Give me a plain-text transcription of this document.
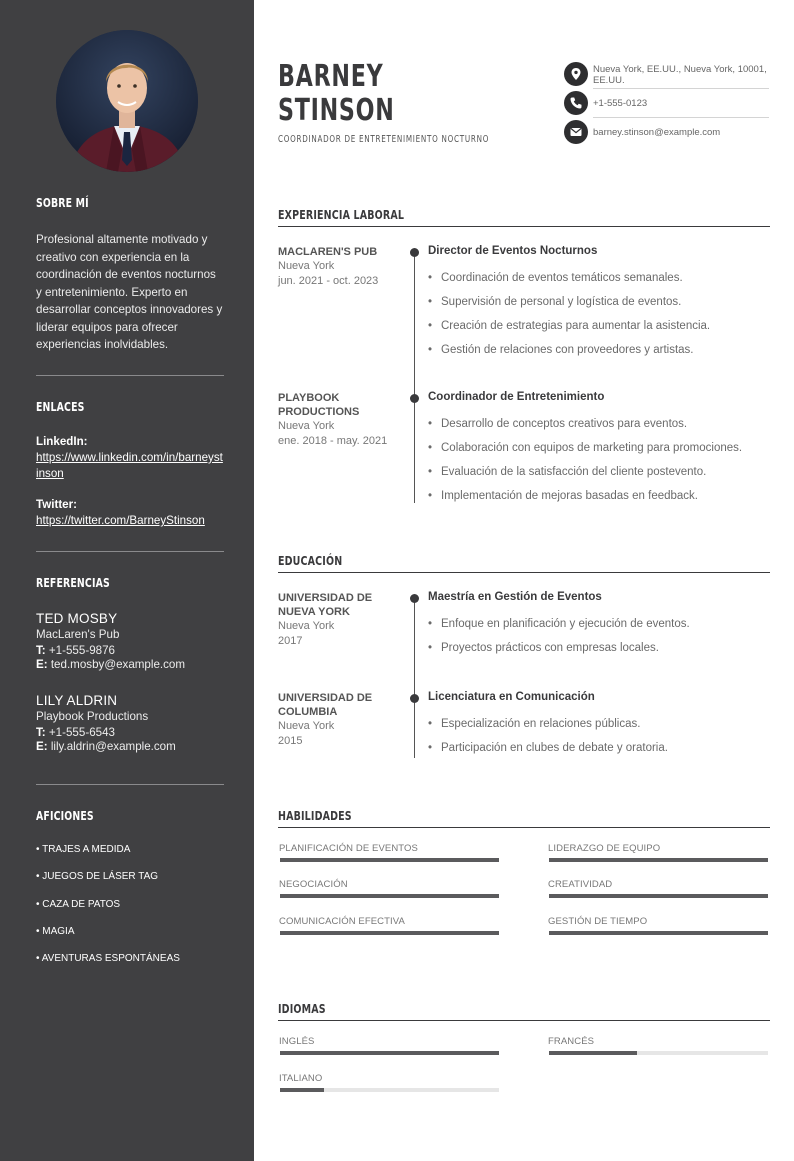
SOBRE MÍ
Profesional altamente motivado y creativo con experiencia en la coordinación de eventos nocturnos y entretenimiento. Experto en desarrollar conceptos innovadores y liderar equipos para ofrecer experiencias inolvidables.
ENLACES
LinkedIn:
https://www.linkedin.com/in/barneystinson
Twitter:
https://twitter.com/BarneyStinson
REFERENCIAS
TED MOSBY
MacLaren's Pub
T: +1-555-9876
E: ted.mosby@example.com
LILY ALDRIN
Playbook Productions
T: +1-555-6543
E: lily.aldrin@example.com
AFICIONES
• TRAJES A MEDIDA
• JUEGOS DE LÁSER TAG
• CAZA DE PATOS
• MAGIA
• AVENTURAS ESPONTÁNEAS
BARNEY
STINSON
COORDINADOR DE ENTRETENIMIENTO NOCTURNO
Nueva York, EE.UU., Nueva York, 10001, EE.UU.
+1-555-0123
barney.stinson@example.com
EXPERIENCIA LABORAL
MACLAREN'S PUB
Nueva York
jun. 2021 - oct. 2023
Director de Eventos Nocturnos
• Coordinación de eventos temáticos semanales.
• Supervisión de personal y logística de eventos.
• Creación de estrategias para aumentar la asistencia.
• Gestión de relaciones con proveedores y artistas.
PLAYBOOK PRODUCTIONS
Nueva York
ene. 2018 - may. 2021
Coordinador de Entretenimiento
• Desarrollo de conceptos creativos para eventos.
• Colaboración con equipos de marketing para promociones.
• Evaluación de la satisfacción del cliente postevento.
• Implementación de mejoras basadas en feedback.
EDUCACIÓN
UNIVERSIDAD DE NUEVA YORK
Nueva York
2017
Maestría en Gestión de Eventos
• Enfoque en planificación y ejecución de eventos.
• Proyectos prácticos con empresas locales.
UNIVERSIDAD DE COLUMBIA
Nueva York
2015
Licenciatura en Comunicación
• Especialización en relaciones públicas.
• Participación en clubes de debate y oratoria.
HABILIDADES
PLANIFICACIÓN DE EVENTOS	LIDERAZGO DE EQUIPO
NEGOCIACIÓN	CREATIVIDAD
COMUNICACIÓN EFECTIVA	GESTIÓN DE TIEMPO
IDIOMAS
INGLÉS	FRANCÉS
ITALIANO
